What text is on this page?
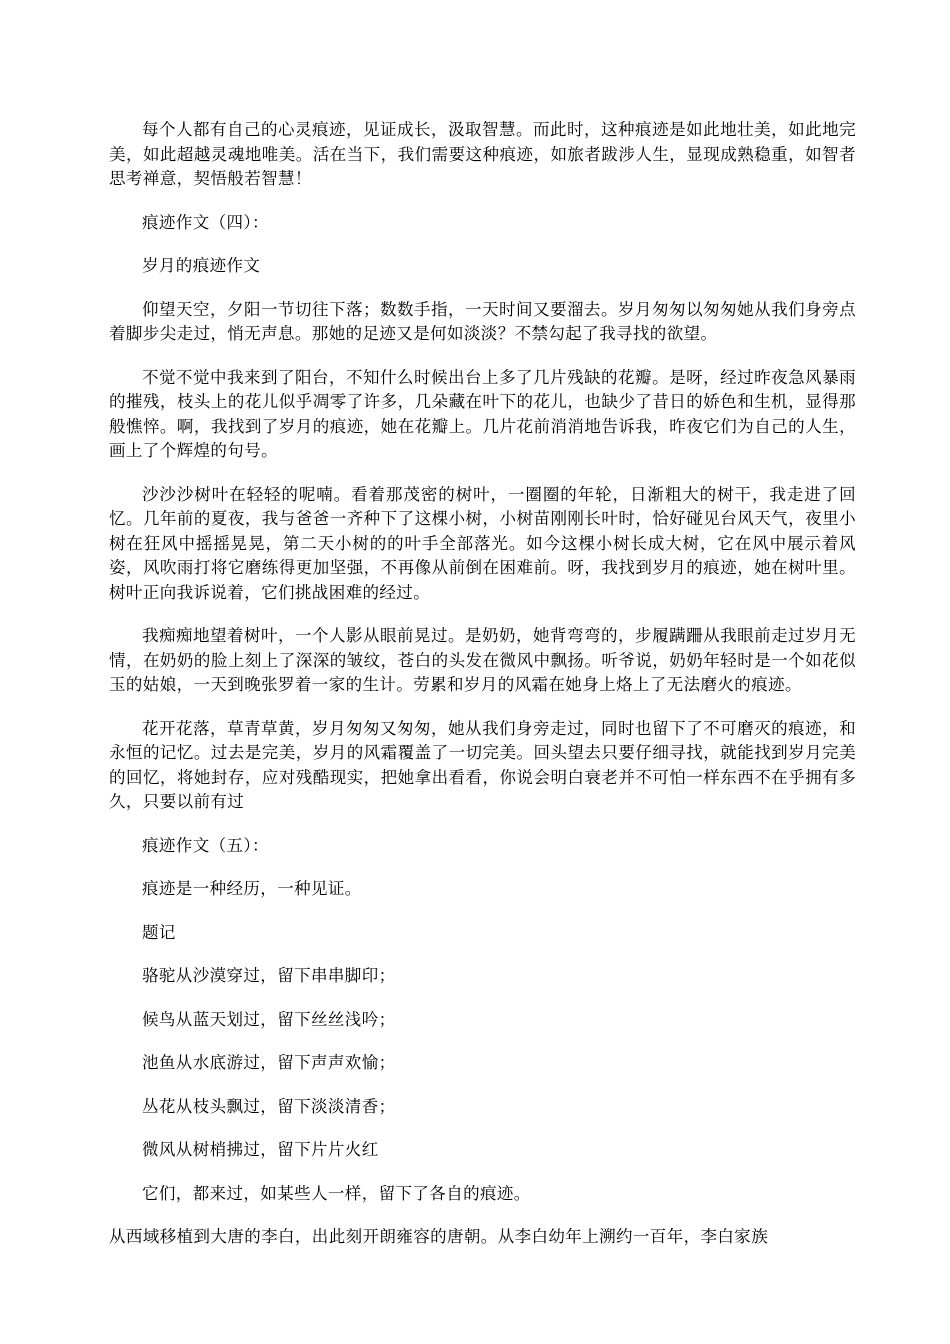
每个人都有自己的心灵痕迹，见证成长，汲取智慧。而此时，这种痕迹是如此地壮美，如此地完美，如此超越灵魂地唯美。活在当下，我们需要这种痕迹，如旅者跋涉人生，显现成熟稳重，如智者思考禅意，契悟般若智慧！

痕迹作文（四）：

岁月的痕迹作文

仰望天空，夕阳一节切往下落；数数手指，一天时间又要溜去。岁月匆匆以匆匆她从我们身旁点着脚步尖走过，悄无声息。那她的足迹又是何如淡淡？不禁勾起了我寻找的欲望。

不觉不觉中我来到了阳台，不知什么时候出台上多了几片残缺的花瓣。是呀，经过昨夜急风暴雨的摧残，枝头上的花儿似乎凋零了许多，几朵藏在叶下的花儿，也缺少了昔日的娇色和生机，显得那般憔悴。啊，我找到了岁月的痕迹，她在花瓣上。几片花前消消地告诉我，昨夜它们为自己的人生，画上了个辉煌的句号。

沙沙沙树叶在轻轻的呢喃。看着那茂密的树叶，一圈圈的年轮，日渐粗大的树干，我走进了回忆。几年前的夏夜，我与爸爸一齐种下了这棵小树，小树苗刚刚长叶时，恰好碰见台风天气，夜里小树在狂风中摇摇晃晃，第二天小树的的叶手全部落光。如今这棵小树长成大树，它在风中展示着风姿，风吹雨打将它磨练得更加坚强，不再像从前倒在困难前。呀，我找到岁月的痕迹，她在树叶里。树叶正向我诉说着，它们挑战困难的经过。

我痴痴地望着树叶，一个人影从眼前晃过。是奶奶，她背弯弯的，步履蹒跚从我眼前走过岁月无情，在奶奶的脸上刻上了深深的皱纹，苍白的头发在微风中飘扬。听爷说，奶奶年轻时是一个如花似玉的姑娘，一天到晚张罗着一家的生计。劳累和岁月的风霜在她身上烙上了无法磨火的痕迹。

花开花落，草青草黄，岁月匆匆又匆匆，她从我们身旁走过，同时也留下了不可磨灭的痕迹，和永恒的记忆。过去是完美，岁月的风霜覆盖了一切完美。回头望去只要仔细寻找，就能找到岁月完美的回忆，将她封存，应对残酷现实，把她拿出看看，你说会明白衰老并不可怕一样东西不在乎拥有多久，只要以前有过

痕迹作文（五）：

痕迹是一种经历，一种见证。

题记

骆驼从沙漠穿过，留下串串脚印；

候鸟从蓝天划过，留下丝丝浅吟；

池鱼从水底游过，留下声声欢愉；

丛花从枝头飘过，留下淡淡清香；

微风从树梢拂过，留下片片火红

它们，都来过，如某些人一样，留下了各自的痕迹。

从西域移植到大唐的李白，出此刻开朗雍容的唐朝。从李白幼年上溯约一百年，李白家族
